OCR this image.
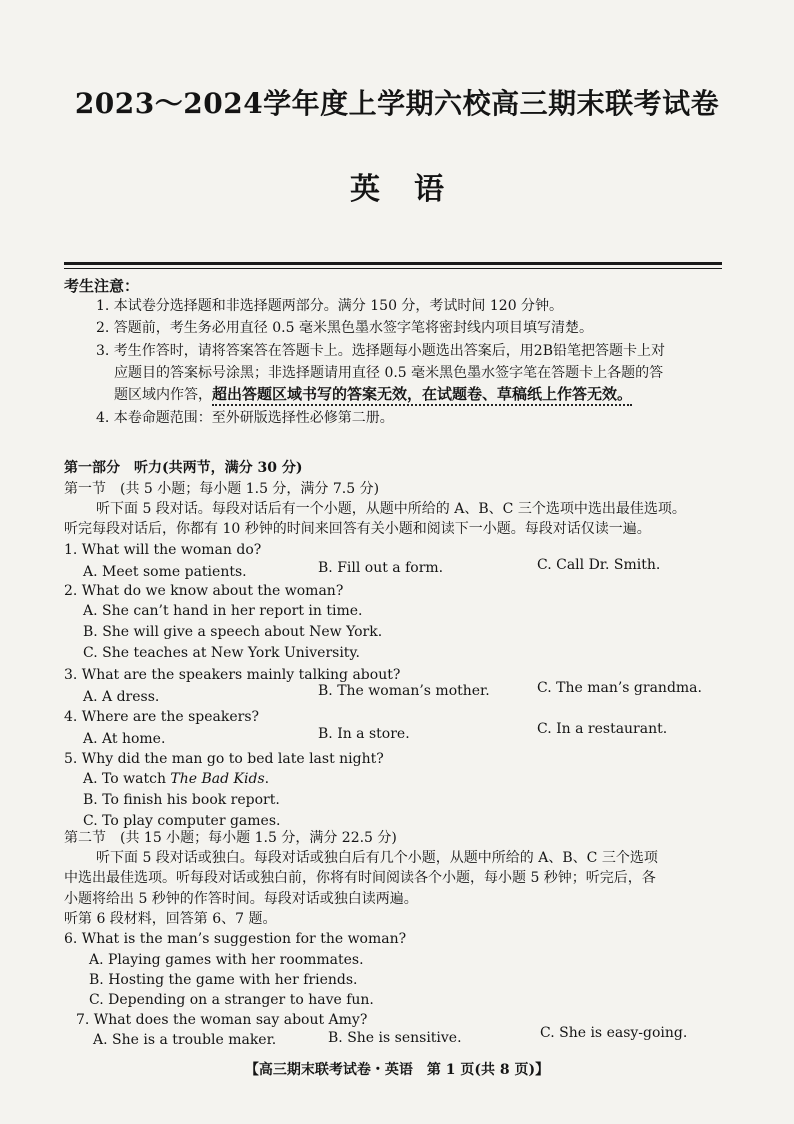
2023～2024学年度上学期六校高三期末联考试卷
英语
考生注意：
1. 本试卷分选择题和非选择题两部分。满分 150 分，考试时间 120 分钟。
2. 答题前，考生务必用直径 0.5 毫米黑色墨水签字笔将密封线内项目填写清楚。
3. 考生作答时，请将答案答在答题卡上。选择题每小题选出答案后，用2B铅笔把答题卡上对
应题目的答案标号涂黑；非选择题请用直径 0.5 毫米黑色墨水签字笔在答题卡上各题的答
题区域内作答，超出答题区域书写的答案无效，在试题卷、草稿纸上作答无效。
4. 本卷命题范围：至外研版选择性必修第二册。
第一部分　听力(共两节，满分 30 分)
第一节　(共 5 小题；每小题 1.5 分，满分 7.5 分)
听下面 5 段对话。每段对话后有一个小题，从题中所给的 A、B、C 三个选项中选出最佳选项。
听完每段对话后，你都有 10 秒钟的时间来回答有关小题和阅读下一小题。每段对话仅读一遍。
1. What will the woman do?
A. Meet some patients.	B. Fill out a form.	C. Call Dr. Smith.
2. What do we know about the woman?
A. She can’t hand in her report in time.
B. She will give a speech about New York.
C. She teaches at New York University.
3. What are the speakers mainly talking about?
A. A dress.	B. The woman’s mother.	C. The man’s grandma.
4. Where are the speakers?
A. At home.	B. In a store.	C. In a restaurant.
5. Why did the man go to bed late last night?
A. To watch The Bad Kids.
B. To finish his book report.
C. To play computer games.
第二节　(共 15 小题；每小题 1.5 分，满分 22.5 分)
听下面 5 段对话或独白。每段对话或独白后有几个小题，从题中所给的 A、B、C 三个选项
中选出最佳选项。听每段对话或独白前，你将有时间阅读各个小题，每小题 5 秒钟；听完后，各
小题将给出 5 秒钟的作答时间。每段对话或独白读两遍。
听第 6 段材料，回答第 6、7 题。
6. What is the man’s suggestion for the woman?
A. Playing games with her roommates.
B. Hosting the game with her friends.
C. Depending on a stranger to have fun.
7. What does the woman say about Amy?
A. She is a trouble maker.	B. She is sensitive.	C. She is easy-going.
【高三期末联考试卷・英语　第 1 页(共 8 页)】
